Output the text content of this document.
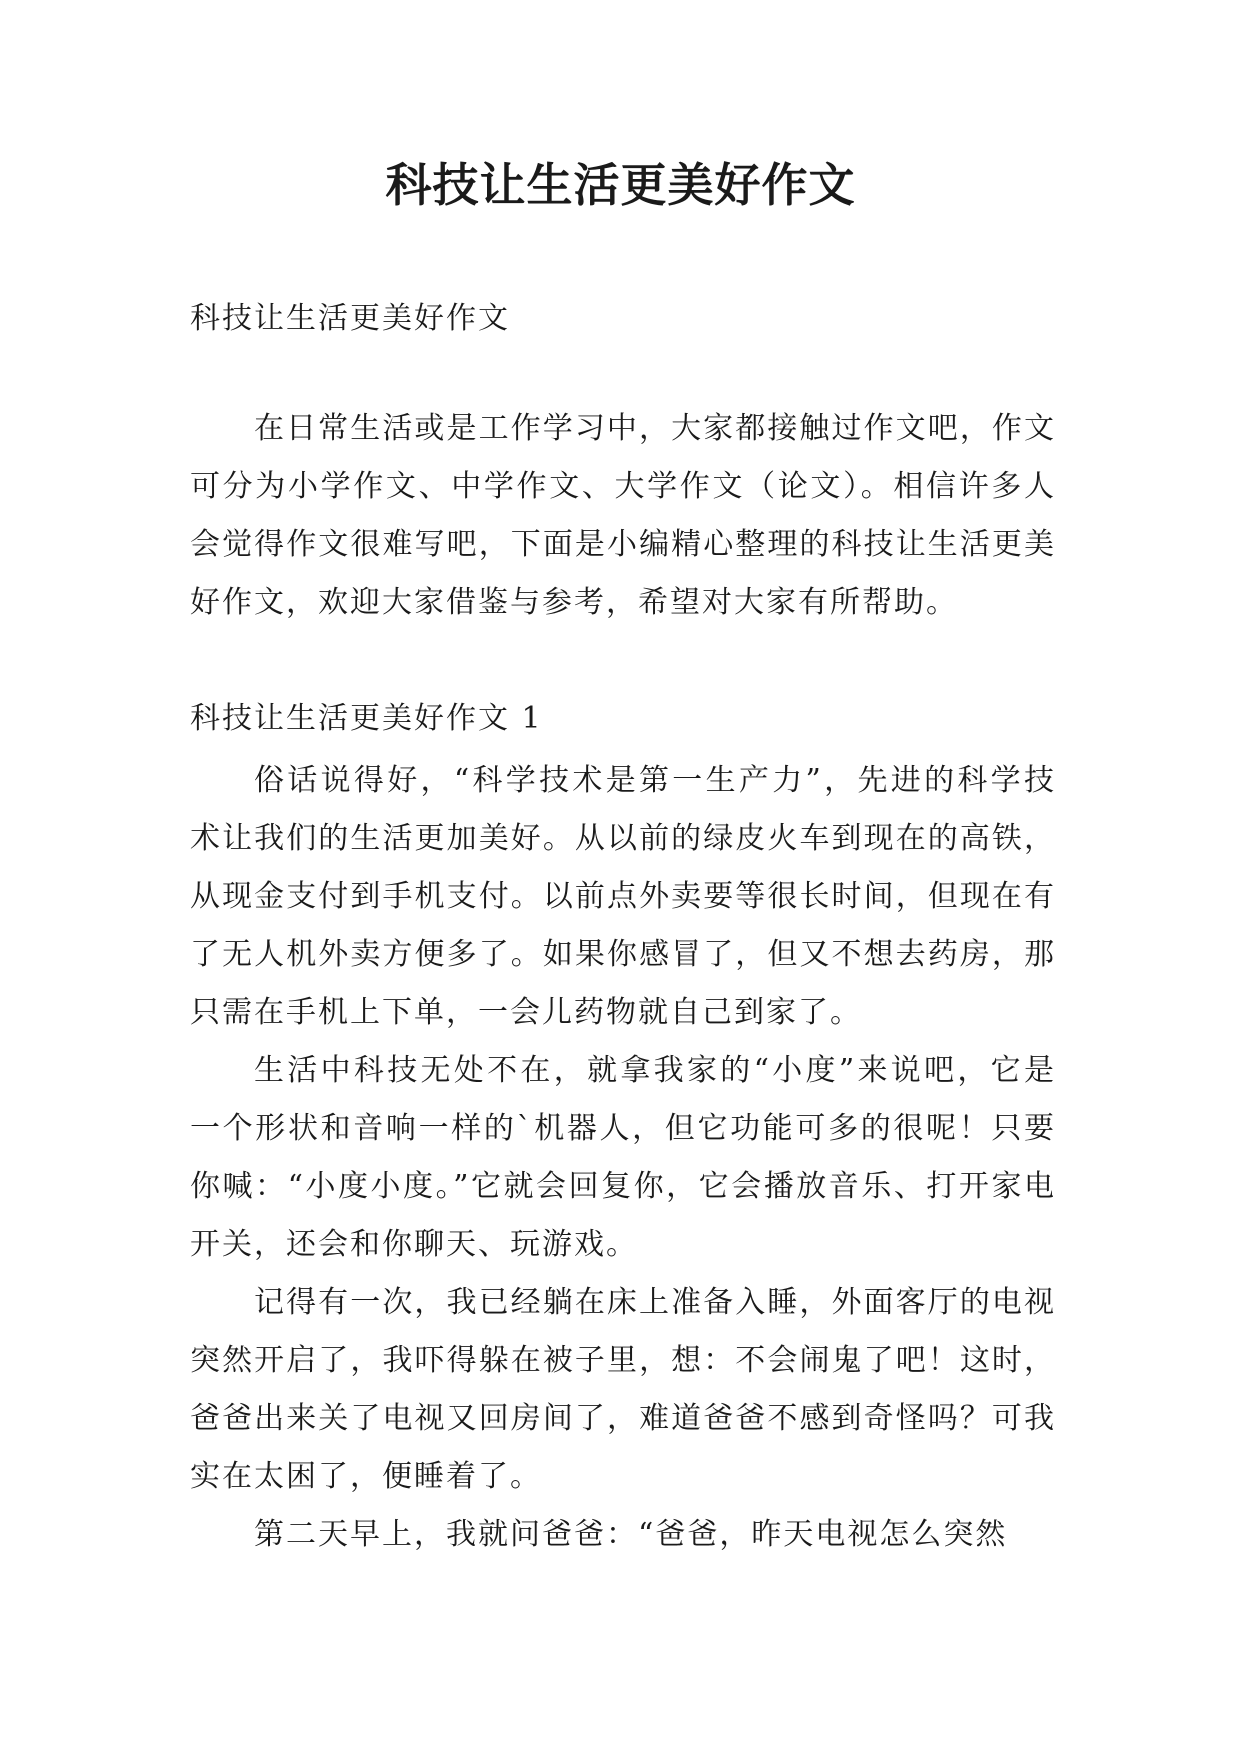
科技让生活更美好作文
科技让生活更美好作文

在日常生活或是工作学习中，大家都接触过作文吧，作文可分为小学作文、中学作文、大学作文（论文）。相信许多人会觉得作文很难写吧，下面是小编精心整理的科技让生活更美好作文，欢迎大家借鉴与参考，希望对大家有所帮助。

科技让生活更美好作文 1

俗话说得好，“科学技术是第一生产力”，先进的科学技术让我们的生活更加美好。从以前的绿皮火车到现在的高铁，从现金支付到手机支付。以前点外卖要等很长时间，但现在有了无人机外卖方便多了。如果你感冒了，但又不想去药房，那只需在手机上下单，一会儿药物就自己到家了。

生活中科技无处不在，就拿我家的“小度”来说吧，它是一个形状和音响一样的`机器人，但它功能可多的很呢！只要你喊：“小度小度。”它就会回复你，它会播放音乐、打开家电开关，还会和你聊天、玩游戏。

记得有一次，我已经躺在床上准备入睡，外面客厅的电视突然开启了，我吓得躲在被子里，想：不会闹鬼了吧！这时，爸爸出来关了电视又回房间了，难道爸爸不感到奇怪吗？可我实在太困了，便睡着了。

第二天早上，我就问爸爸：“爸爸，昨天电视怎么突然
